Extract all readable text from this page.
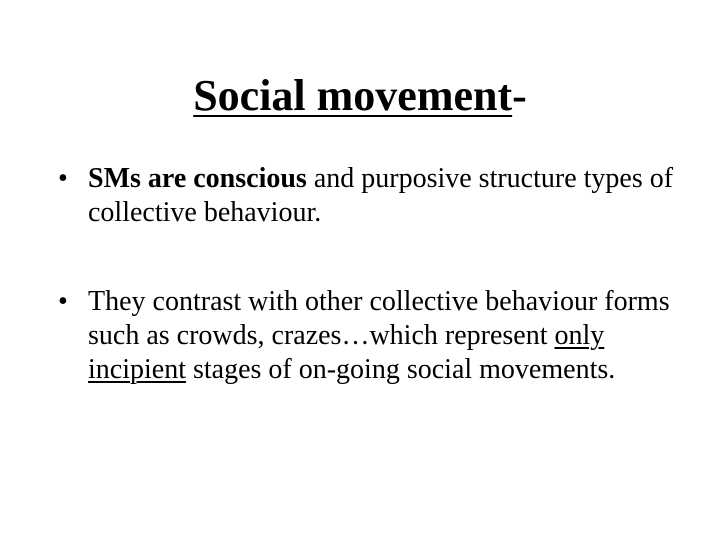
Social movement-
• SMs are conscious and purposive structure types of collective behaviour.
• They contrast with other collective behaviour forms such as crowds, crazes…which represent only incipient stages of on-going social movements.
